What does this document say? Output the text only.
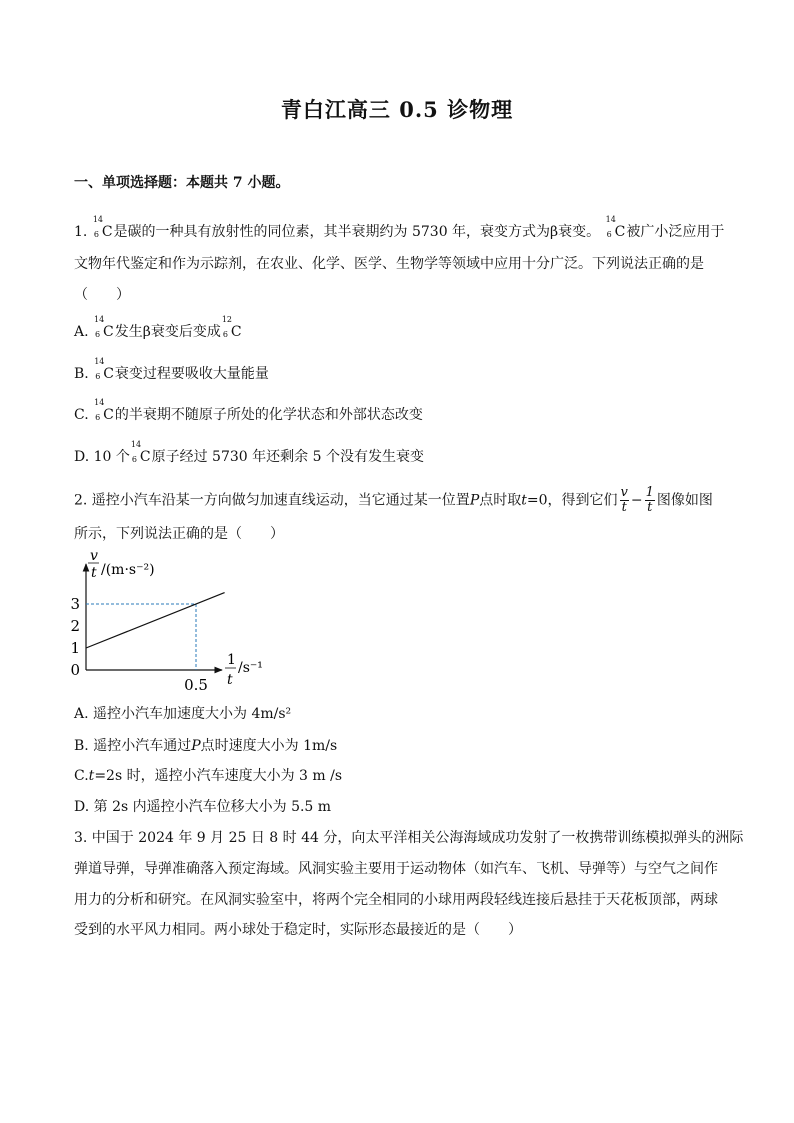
青白江高三 0.5 诊物理
一、单项选择题：本题共 7 小题。
1.
14
6 C是碳的一种具有放射性的同位素，其半衰期约为 5730 年，衰变方式为β衰变。
14
6 C被广小泛应用于
文物年代鉴定和作为示踪剂，在农业、化学、医学、生物学等领域中应用十分广泛。下列说法正确的是
（　　）
A.
14
6 C发生β衰变后变成
12
6 C
B.
14
6 C衰变过程要吸收大量能量
C.
14
6 C的半衰期不随原子所处的化学状态和外部状态改变
D. 10 个
14
6 C原子经过 5730 年还剩余 5 个没有发生衰变
2. 遥控小汽车沿某一方向做匀加速直线运动，当它通过某一位置P点时取t=0，得到它们 $\frac{v}{t} - \frac{1}{t}$ 图像如图
所示，下列说法正确的是（　　）
0
1
2
3
0.5
v
t /(m·s⁻²)
1
t
/s⁻¹
A. 遥控小汽车加速度大小为 4m/s²
B. 遥控小汽车通过P点时速度大小为 1m/s
C.t=2s 时，遥控小汽车速度大小为 3 m /s
D. 第 2s 内遥控小汽车位移大小为 5.5 m
3. 中国于 2024 年 9 月 25 日 8 时 44 分，向太平洋相关公海海域成功发射了一枚携带训练模拟弹头的洲际
弹道导弹，导弹准确落入预定海域。风洞实验主要用于运动物体（如汽车、飞机、导弹等）与空气之间作
用力的分析和研究。在风洞实验室中，将两个完全相同的小球用两段轻线连接后悬挂于天花板顶部，两球
受到的水平风力相同。两小球处于稳定时，实际形态最接近的是（　　）
